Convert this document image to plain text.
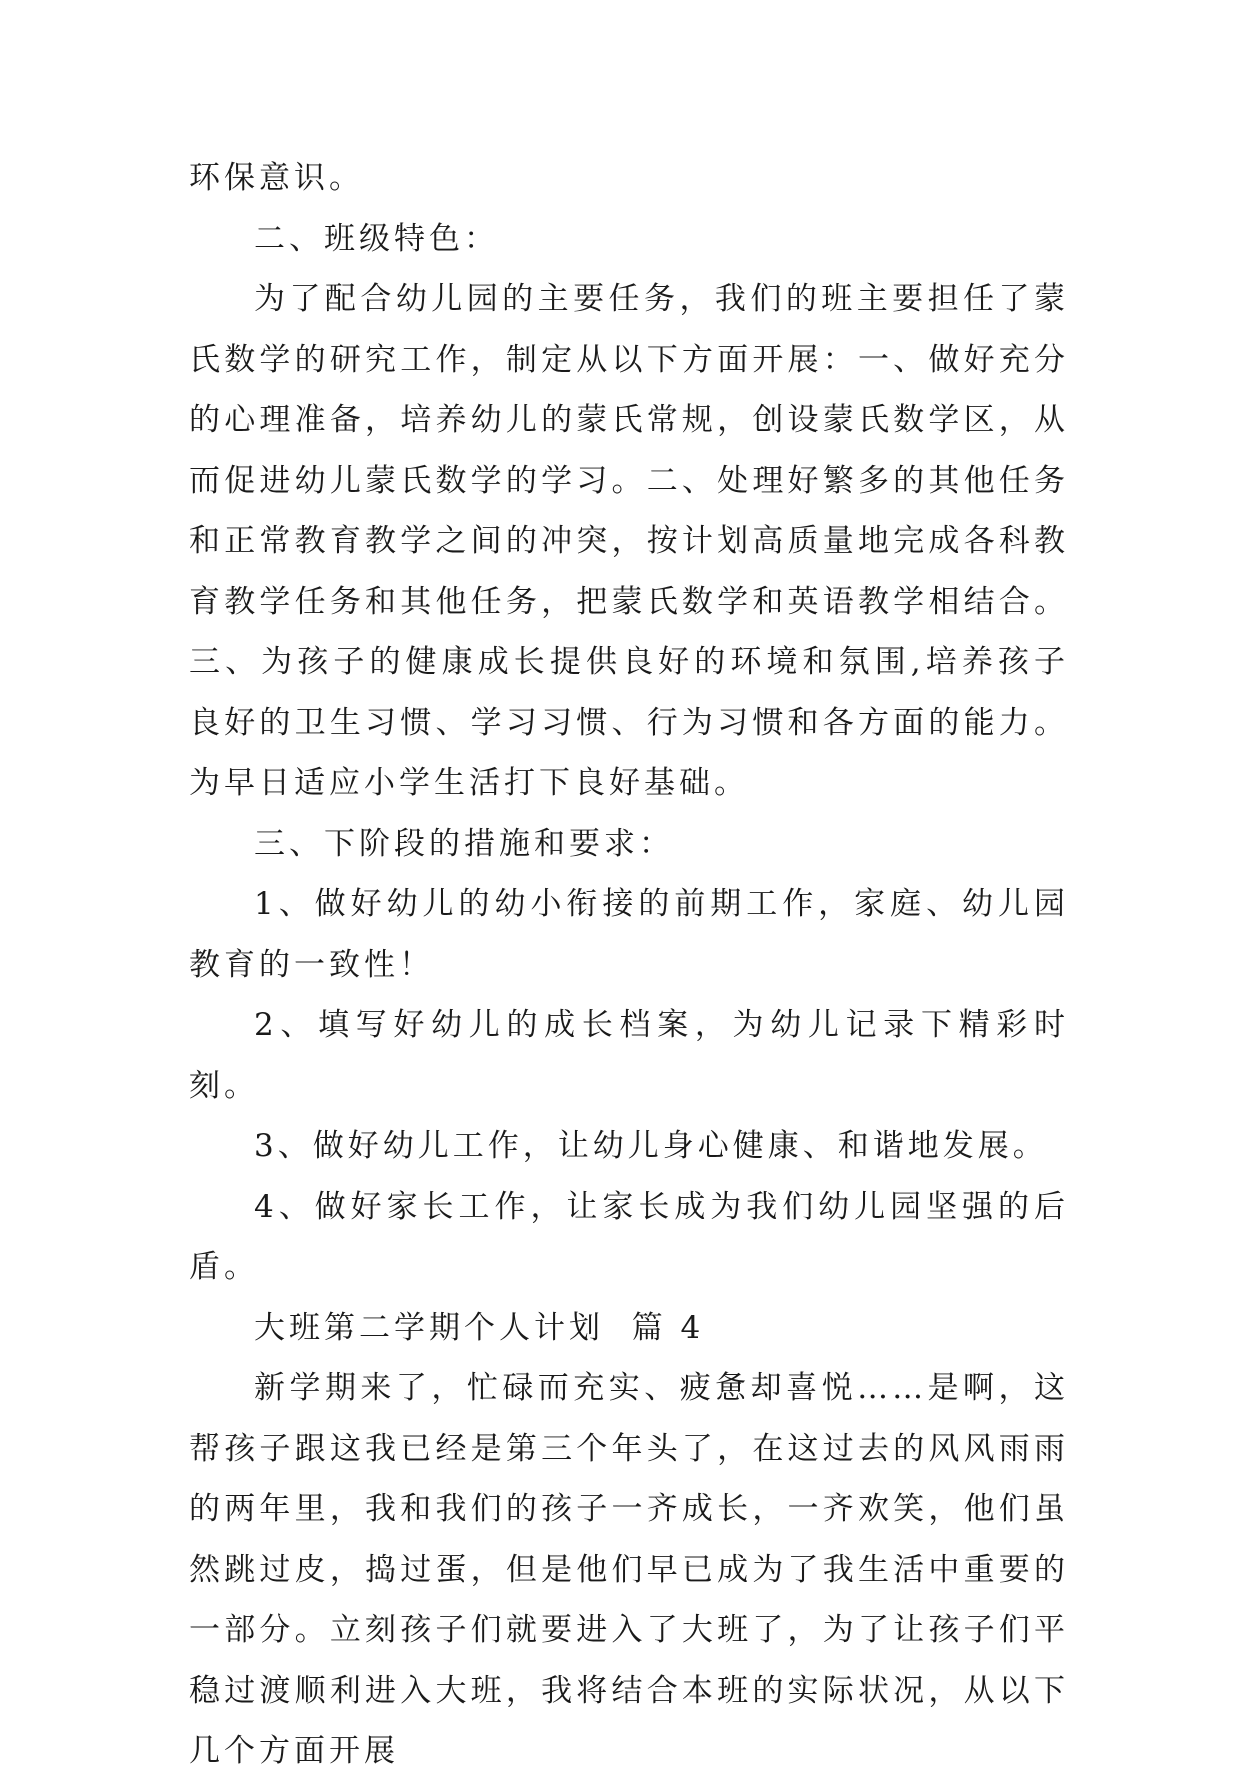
环保意识。

二、班级特色：

为了配合幼儿园的主要任务，我们的班主要担任了蒙氏数学的研究工作，制定从以下方面开展：一、做好充分的心理准备，培养幼儿的蒙氏常规，创设蒙氏数学区，从而促进幼儿蒙氏数学的学习。二、处理好繁多的其他任务和正常教育教学之间的冲突，按计划高质量地完成各科教育教学任务和其他任务，把蒙氏数学和英语教学相结合。三、为孩子的健康成长提供良好的环境和氛围,培养孩子良好的卫生习惯、学习习惯、行为习惯和各方面的能力。为早日适应小学生活打下良好基础。

三、下阶段的措施和要求：

1、做好幼儿的幼小衔接的前期工作，家庭、幼儿园教育的一致性！

2、填写好幼儿的成长档案，为幼儿记录下精彩时刻。

3、做好幼儿工作，让幼儿身心健康、和谐地发展。

4、做好家长工作，让家长成为我们幼儿园坚强的后盾。

大班第二学期个人计划  篇 4

新学期来了，忙碌而充实、疲惫却喜悦……是啊，这帮孩子跟这我已经是第三个年头了，在这过去的风风雨雨的两年里，我和我们的孩子一齐成长，一齐欢笑，他们虽然跳过皮，捣过蛋，但是他们早已成为了我生活中重要的一部分。立刻孩子们就要进入了大班了，为了让孩子们平稳过渡顺利进入大班，我将结合本班的实际状况，从以下几个方面开展
